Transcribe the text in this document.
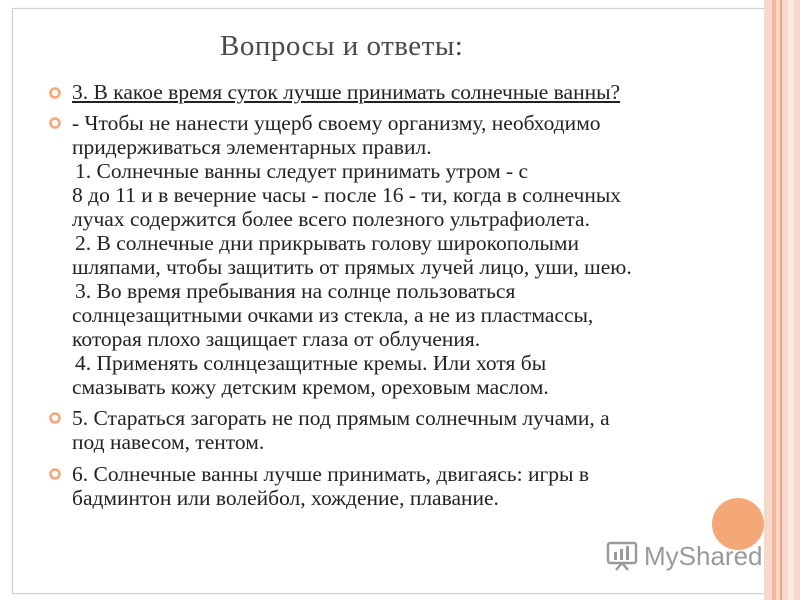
Вопросы и ответы:
3. В какое время суток лучше принимать солнечные ванны?

- Чтобы не нанести ущерб своему организму, необходимо

придерживаться элементарных правил.

1. Солнечные ванны следует принимать утром - с

8 до 11 и в вечерние часы - после 16 - ти, когда в солнечных

лучах содержится более всего полезного ультрафиолета.

2. В солнечные дни прикрывать голову широкополыми

шляпами, чтобы защитить от прямых лучей лицо, уши, шею.

3. Во время пребывания на солнце пользоваться

солнцезащитными очками из стекла, а не из пластмассы,

которая плохо защищает глаза от облучения.

4. Применять солнцезащитные кремы. Или хотя бы

смазывать кожу детским кремом, ореховым маслом.

5. Стараться загорать не под прямым солнечным лучами, а
под навесом, тентом.
6. Солнечные ванны лучше принимать, двигаясь: игры в
бадминтон или волейбол, хождение, плавание.
MyShared
